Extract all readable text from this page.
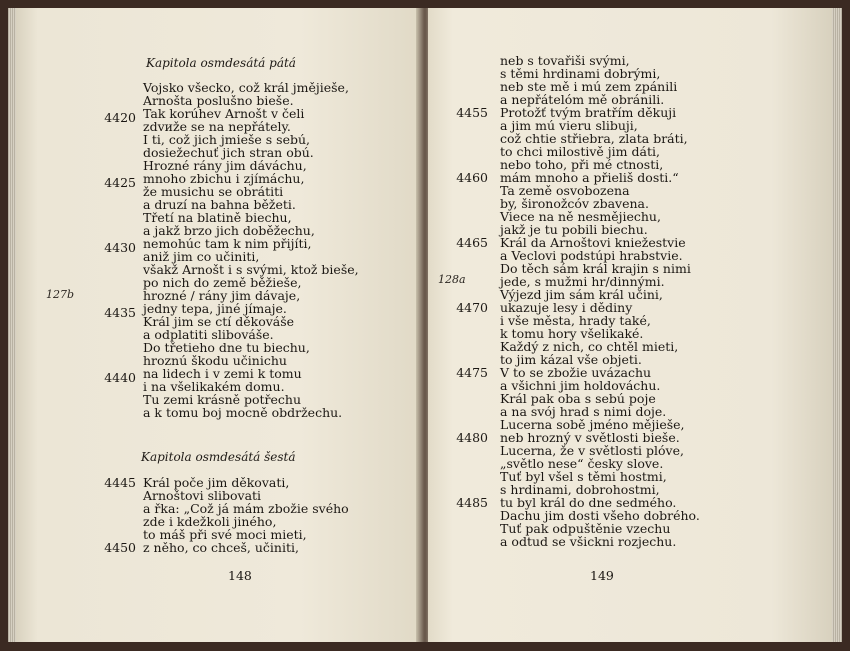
Kapitola osmdesátá pátá
Vojsko všecko, což král jmějieše,
Arnošta poslušno bieše.
Tak korúhev Arnošt v čeli
zdvиže se na nepřátely.
I ti, což jich jmieše s sebú,
dosiežechuť jich stran obú.
Hrozné rány jim dáváchu,
mnoho zbichu i zjímáchu,
že musichu se obrátiti
a druzí na bahna běžeti.
Třetí na blatině biechu,
a jakž brzo jich doběžechu,
nemohúc tam k nim přijíti,
aniž jim co učiniti,
všakž Arnošt i s svými, ktož bieše,
po nich do země běžieše,
hrozné / rány jim dávaje,
jedny tepa, jiné jímaje.
Král jim se ctí děkováše
a odplatiti slibováše.
Do třetieho dne tu biechu,
hroznú škodu učinichu
na lidech i v zemi k tomu
i na všelikakém domu.
Tu zemi krásně potřechu
a k tomu boj mocně obdržechu.
4420
4425
4430
4435
4440
127b
Kapitola osmdesátá šestá
Král poče jim děkovati,
Arnoštovi slibovati
a řka: „Což já mám zbožie svého
zde i kdežkoli jiného,
to máš při své moci mieti,
z něho, co chceš, učiniti,
4445
4450
148
neb s tovařiši svými,
s těmi hrdinami dobrými,
neb ste mě i mú zem zpánili
a nepřátelóm mě obránili.
Protožť tvým bratřím děkuji
a jim mú vieru slibuji,
což chtie střiebra, zlata bráti,
to chci milostivě jim dáti,
nebo toho, při mé ctnosti,
mám mnoho a přieliš dosti.“
Ta země osvobozena
by, šironožcóv zbavena.
Viece na ně nesmějiechu,
jakž je tu pobili biechu.
Král da Arnoštovi kniežestvie
a Veclovi podstúpi hrabstvie.
Do těch sám král krajin s nimi
jede, s mužmi hr/dinnými.
Výjezd jim sám král učini,
ukazuje lesy i dědiny
i vše města, hrady také,
k tomu hory všelikaké.
Každý z nich, co chtěl mieti,
to jim kázal vše objeti.
V to se zbožie uvázachu
a všichni jim holdováchu.
Král pak oba s sebú poje
a na svój hrad s nimi doje.
Lucerna sobě jméno mějieše,
neb hrozný v světlosti bieše.
Lucerna, že v světlosti plóve,
„světlo nese“ česky slove.
Tuť byl všel s těmi hostmi,
s hrdinami, dobrohostmi,
tu byl král do dne sedmého.
Dachu jim dosti všeho dobrého.
Tuť pak odpuštěnie vzechu
a odtud se všickni rozjechu.
4455
4460
4465
4470
4475
4480
4485
128a
149
